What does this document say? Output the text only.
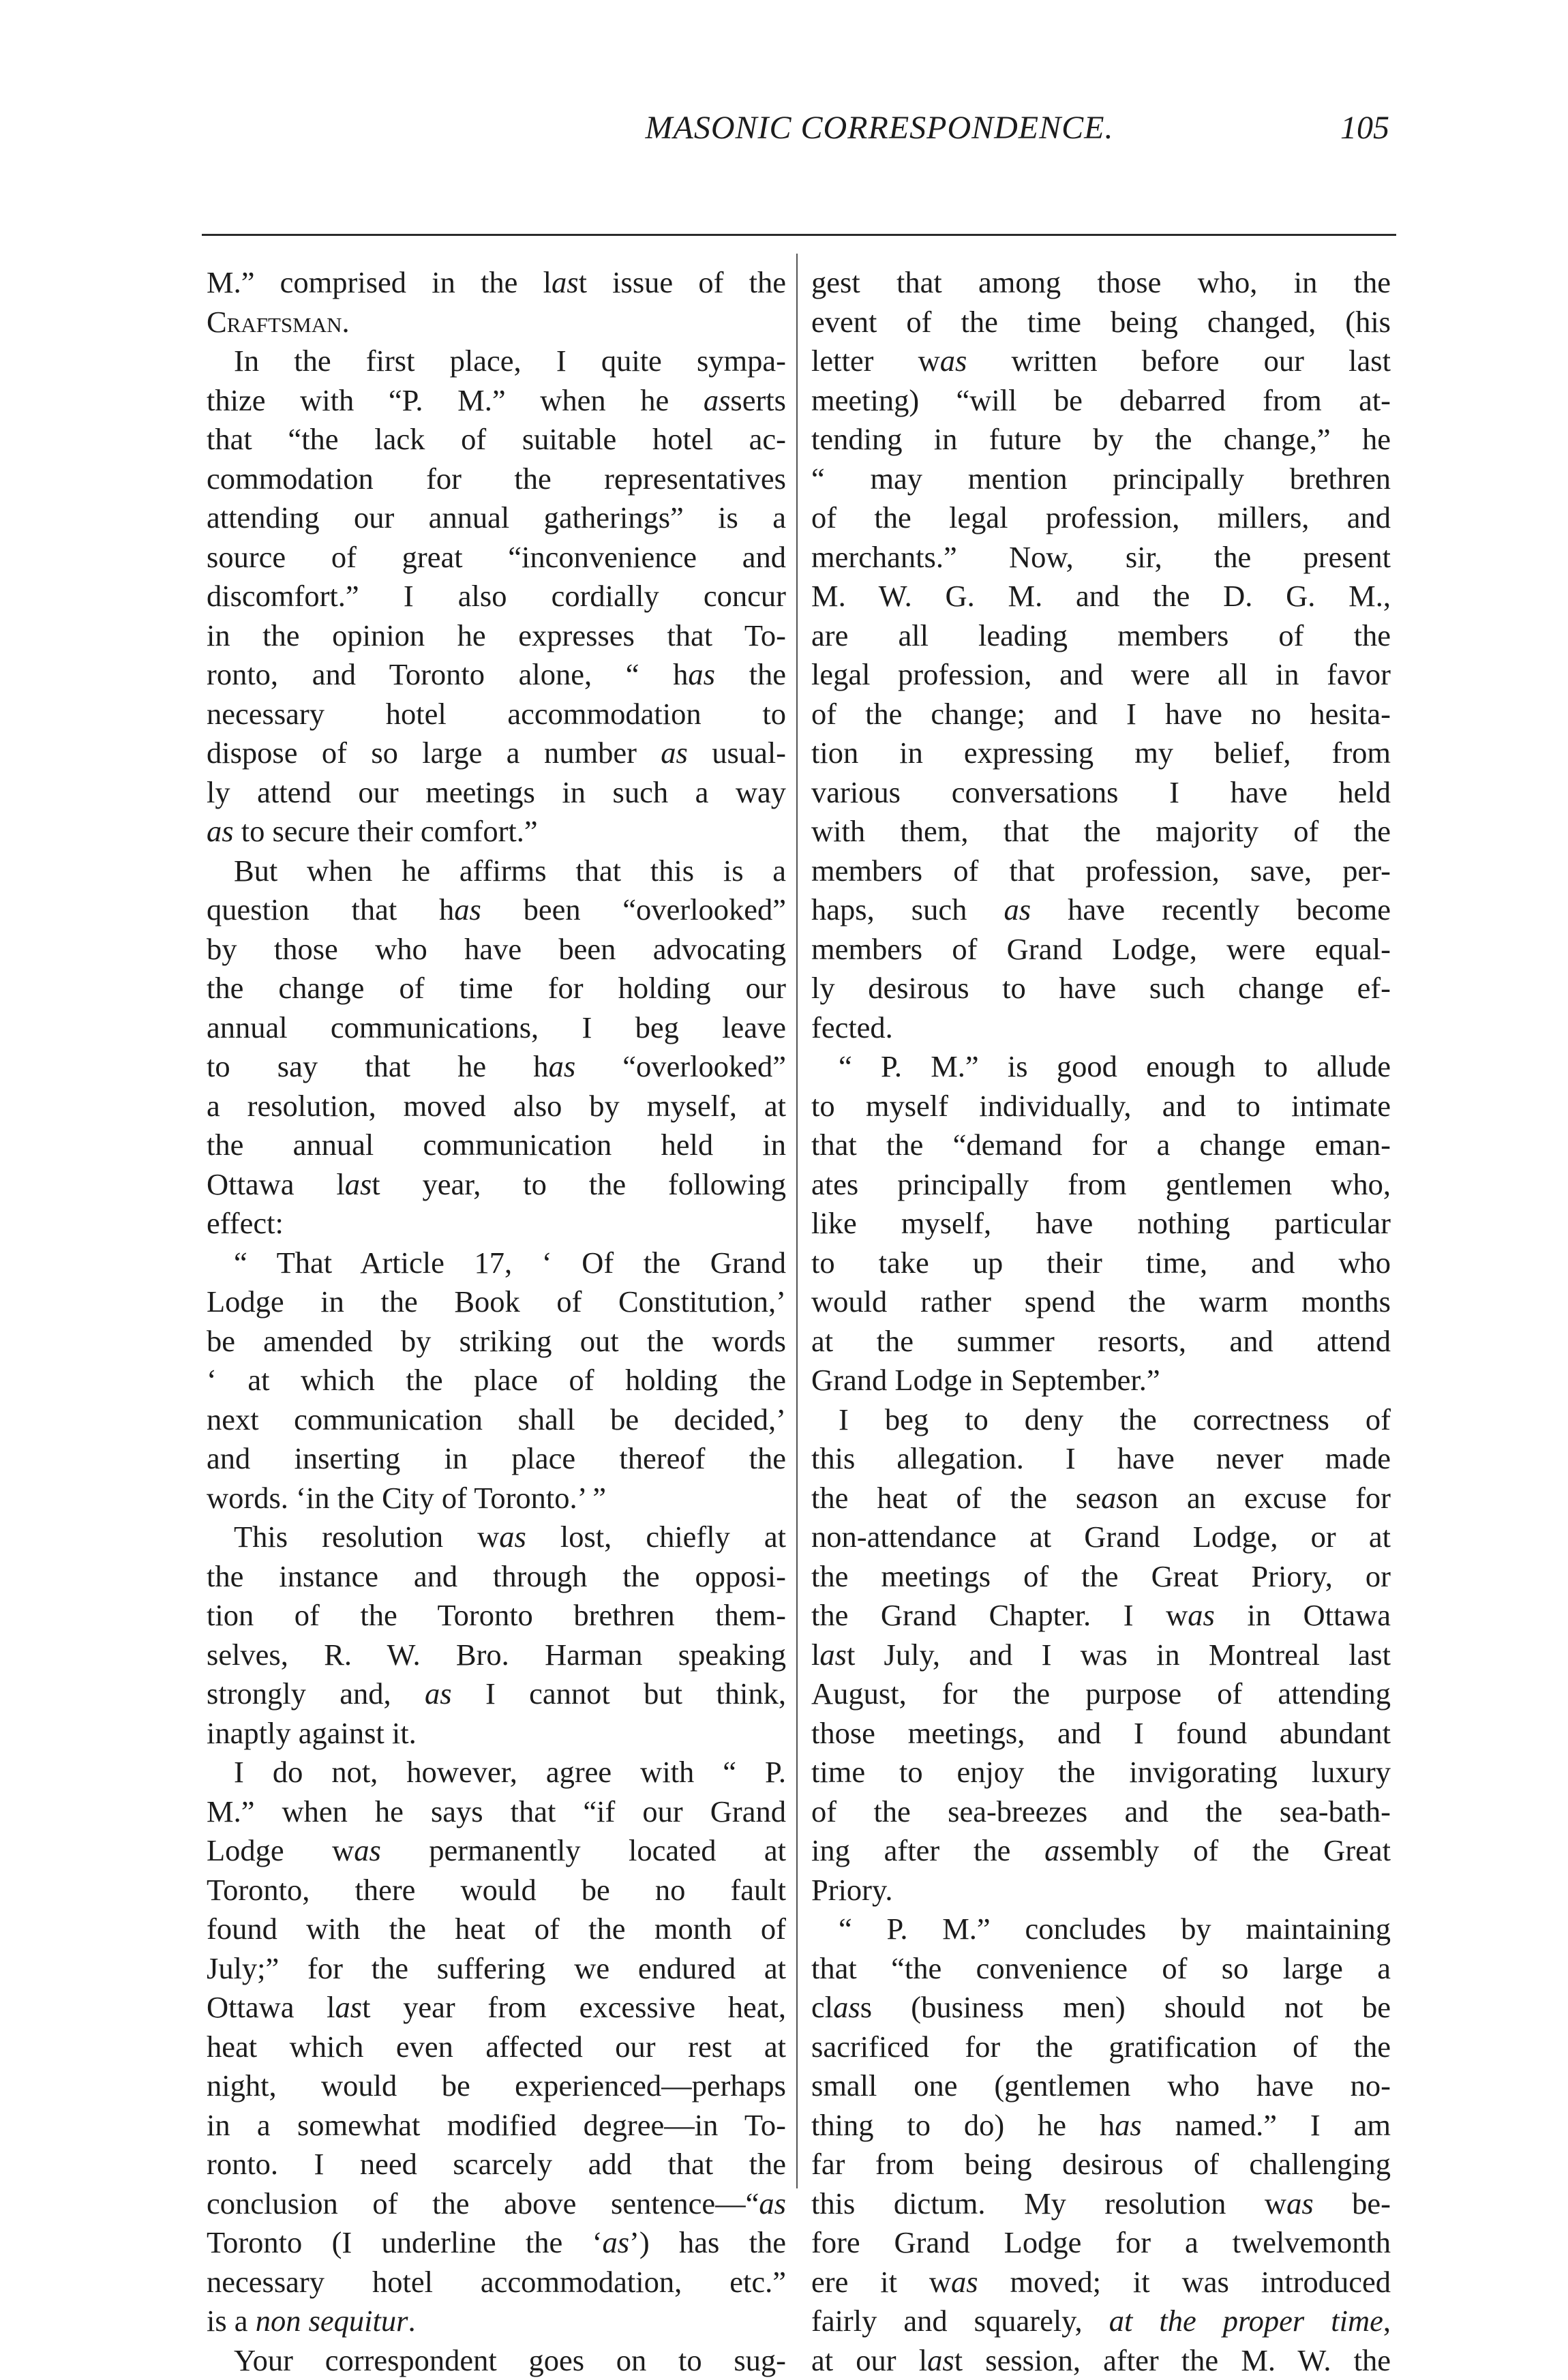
MASONIC CORRESPONDENCE.	105
M.” comprised in the last issue of the
Craftsman.
In the first place, I quite sympa-
thize with “P. M.” when he asserts
that “the lack of suitable hotel ac-
commodation for the representatives
attending our annual gatherings” is a
source of great “inconvenience and
discomfort.” I also cordially concur
in the opinion he expresses that To-
ronto, and Toronto alone, “ has the
necessary hotel accommodation to
dispose of so large a number as usual-
ly attend our meetings in such a way
as to secure their comfort.”
But when he affirms that this is a
question that has been “overlooked”
by those who have been advocating
the change of time for holding our
annual communications, I beg leave
to say that he has “overlooked”
a resolution, moved also by myself, at
the annual communication held in
Ottawa last year, to the following
effect:
“ That Article 17, ‘ Of the Grand
Lodge in the Book of Constitution,’
be amended by striking out the words
‘ at which the place of holding the
next communication shall be decided,’
and inserting in place thereof the
words. ‘in the City of Toronto.’ ”
This resolution was lost, chiefly at
the instance and through the opposi-
tion of the Toronto brethren them-
selves, R. W. Bro. Harman speaking
strongly and, as I cannot but think,
inaptly against it.
I do not, however, agree with “ P.
M.” when he says that “if our Grand
Lodge was permanently located at
Toronto, there would be no fault
found with the heat of the month of
July;” for the suffering we endured at
Ottawa last year from excessive heat,
heat which even affected our rest at
night, would be experienced—perhaps
in a somewhat modified degree—in To-
ronto. I need scarcely add that the
conclusion of the above sentence—“as
Toronto (I underline the ‘as’) has the
necessary hotel accommodation, etc.”
is a non sequitur.
Your correspondent goes on to sug-
gest that among those who, in the
event of the time being changed, (his
letter was written before our last
meeting) “will be debarred from at-
tending in future by the change,” he
“ may mention principally brethren
of the legal profession, millers, and
merchants.” Now, sir, the present
M. W. G. M. and the D. G. M.,
are all leading members of the
legal profession, and were all in favor
of the change; and I have no hesita-
tion in expressing my belief, from
various conversations I have held
with them, that the majority of the
members of that profession, save, per-
haps, such as have recently become
members of Grand Lodge, were equal-
ly desirous to have such change ef-
fected.
“ P. M.” is good enough to allude
to myself individually, and to intimate
that the “demand for a change eman-
ates principally from gentlemen who,
like myself, have nothing particular
to take up their time, and who
would rather spend the warm months
at the summer resorts, and attend
Grand Lodge in September.”
I beg to deny the correctness of
this allegation. I have never made
the heat of the season an excuse for
non-attendance at Grand Lodge, or at
the meetings of the Great Priory, or
the Grand Chapter. I was in Ottawa
last July, and I was in Montreal last
August, for the purpose of attending
those meetings, and I found abundant
time to enjoy the invigorating luxury
of the sea-breezes and the sea-bath-
ing after the assembly of the Great
Priory.
“ P. M.” concludes by maintaining
that “the convenience of so large a
class (business men) should not be
sacrificed for the gratification of the
small one (gentlemen who have no-
thing to do) he has named.” I am
far from being desirous of challenging
this dictum. My resolution was be-
fore Grand Lodge for a twelvemonth
ere it was moved; it was introduced
fairly and squarely, at the proper time,
at our last session, after the M. W. the
